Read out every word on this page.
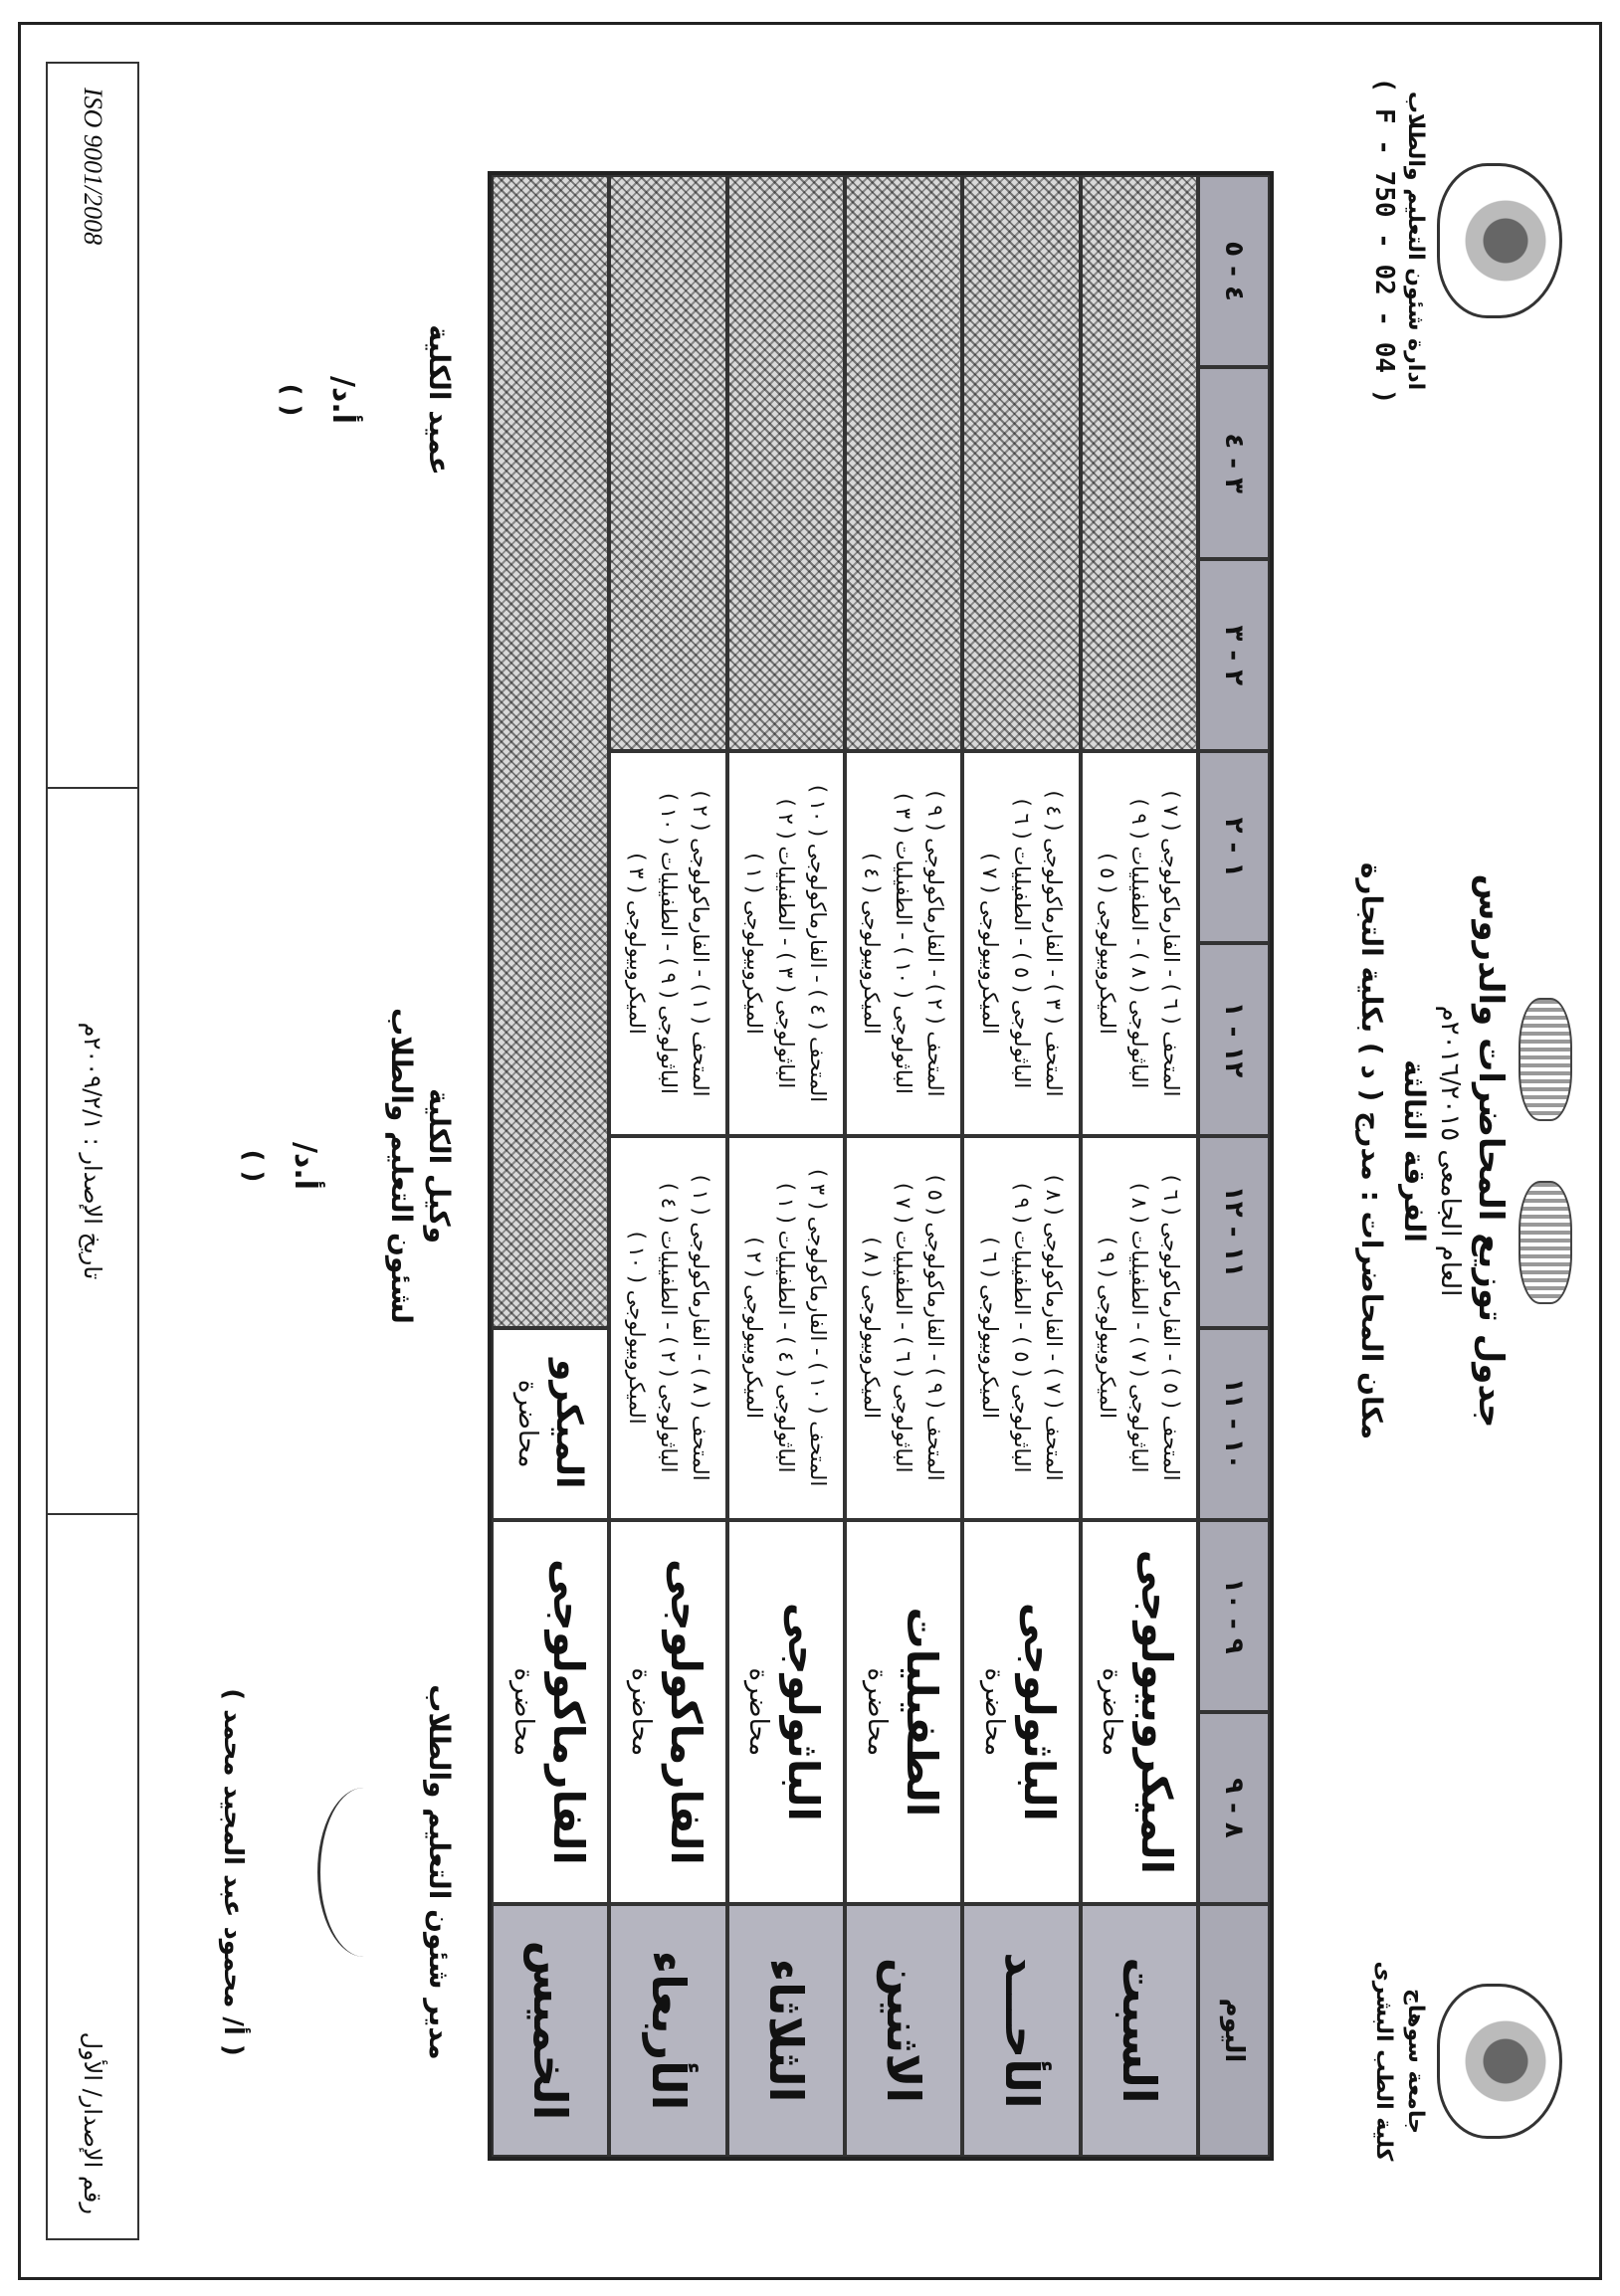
جامعة سوهاج
كلية الطب البشرى
ادارة شئون التعليم والطلاب
( F - 750 - 02 - 04 )
جدول توزيع المحاضرات والدروس
العام الجامعى ٢٠١٦/٢٠١٥م
الفرقة الثالثة
مكان المحاضرات : مدرج ( د ) بكلية التجارة
اليوم
٨ - ٩
٩ - ١٠
١٠ - ١١
١١ - ١٢
١٢ - ١
١ - ٢
٢ - ٣
٣ - ٤
٤ - ٥
السبت
الميكروبيولوجى
محاضرة
المتحف ( ٥ ) - الفارماكولوجى ( ٦ )
الباثولوجى ( ٧ ) - الطفيليات ( ٨ )
الميكروبيولوجى ( ٩ )
المتحف ( ٦ ) - الفارماكولوجى ( ٧ )
الباثولوجى ( ٨ ) - الطفيليات ( ٩ )
الميكروبيولوجى ( ٥ )
الأحـــد
الباثولوجى
محاضرة
المتحف ( ٧ ) - الفارماكولوجى ( ٨ )
الباثولوجى ( ٥ ) - الطفيليات ( ٩ )
الميكروبيولوجى ( ٦ )
المتحف ( ٣ ) - الفارماكولوجى ( ٤ )
الباثولوجى ( ٥ ) - الطفيليات ( ٦ )
الميكروبيولوجى ( ٧ )
الاثنين
الطفيليات
محاضرة
المتحف ( ٩ ) - الفارماكولوجى ( ٥ )
الباثولوجى ( ٦ ) - الطفيليات ( ٧ )
الميكروبيولوجى ( ٨ )
المتحف ( ٢ ) - الفارماكولوجى ( ٩ )
الباثولوجى ( ١٠ ) - الطفيليات ( ٣ )
الميكروبيولوجى ( ٤ )
الثلاثاء
الباثولوجى
محاضرة
المتحف ( ١٠ ) - الفارماكولوجى ( ٣ )
الباثولوجى ( ٤ ) - الطفيليات ( ١ )
الميكروبيولوجى ( ٢ )
المتحف ( ٤ ) - الفارماكولوجى ( ١٠ )
الباثولوجى ( ٣ ) - الطفيليات ( ٢ )
الميكروبيولوجى ( ١ )
الأربعاء
الفارماكولوجى
محاضرة
المتحف ( ٨ ) - الفارماكولوجى ( ١ )
الباثولوجى ( ٢ ) - الطفيليات ( ٤ )
الميكروبيولوجى ( ١٠ )
المتحف ( ١ ) - الفارماكولوجى ( ٢ )
الباثولوجى ( ٩ ) - الطفيليات ( ١٠ )
الميكروبيولوجى ( ٣ )
الخميس
الفارماكولوجى
محاضرة
الميكرو
محاضرة
مدير شئون التعليم والطلاب
( أ/ محمود عبد المجيد محمد )
وكيل الكلية
لشئون التعليم والطلاب
أ.د/
( )
عميد الكلية
أ.د/
( )
رقم الإصدار/ الأول
تاريخ الإصدار : ٢٠٠٩/٢/١م
ISO 9001/2008
